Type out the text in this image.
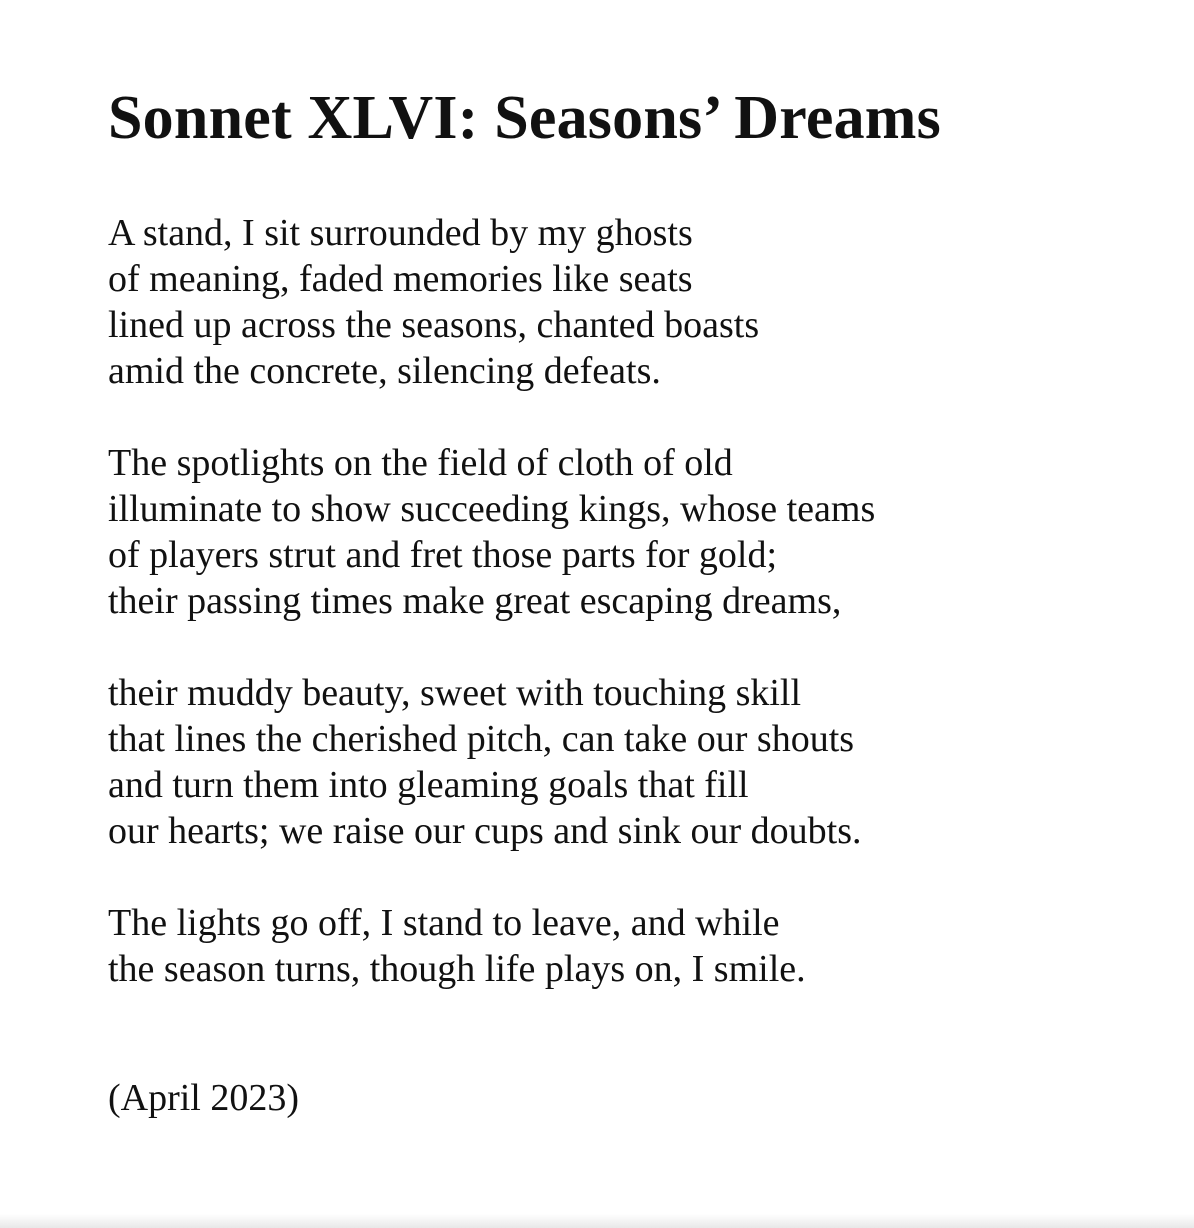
Sonnet XLVI: Seasons’ Dreams
A stand, I sit surrounded by my ghosts
of meaning, faded memories like seats
lined up across the seasons, chanted boasts
amid the concrete, silencing defeats.
The spotlights on the field of cloth of old
illuminate to show succeeding kings, whose teams
of players strut and fret those parts for gold;
their passing times make great escaping dreams,
their muddy beauty, sweet with touching skill
that lines the cherished pitch, can take our shouts
and turn them into gleaming goals that fill
our hearts; we raise our cups and sink our doubts.
The lights go off, I stand to leave, and while
the season turns, though life plays on, I smile.
(April 2023)
